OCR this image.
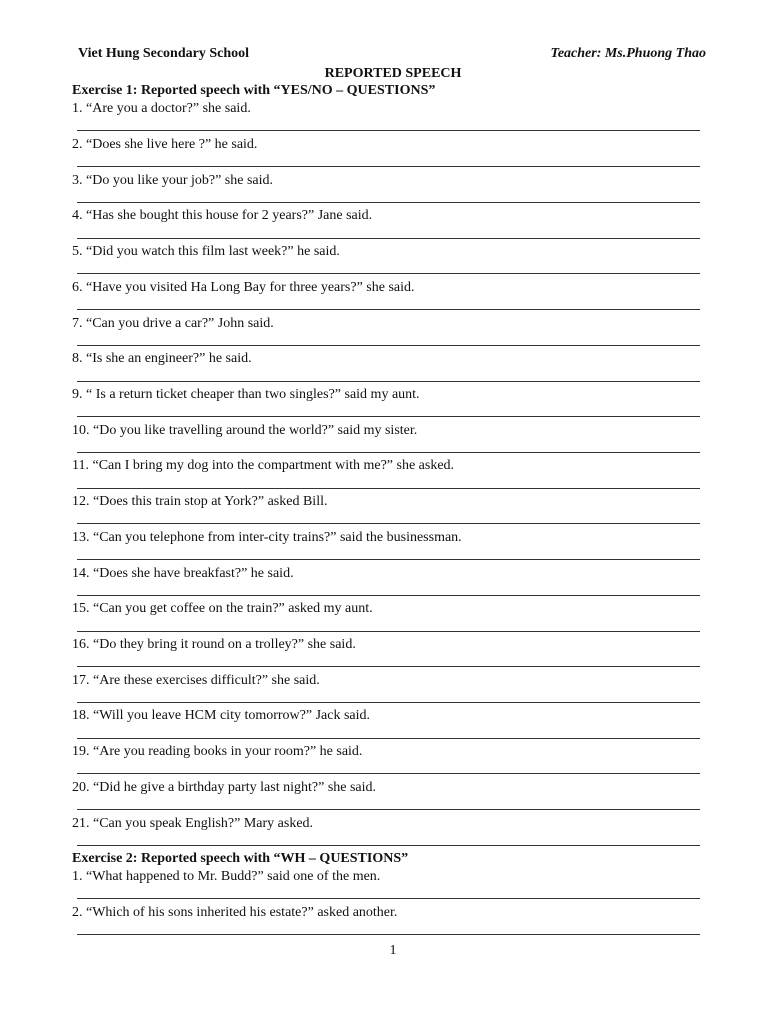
Viet Hung Secondary School	Teacher: Ms.Phuong Thao
REPORTED SPEECH
Exercise 1: Reported speech with “YES/NO – QUESTIONS”
1. “Are you a doctor?” she said.
2. “Does she live here ?” he said.
3. “Do you like your job?” she said.
4. “Has she bought this house for 2 years?” Jane said.
5. “Did you watch this film last week?” he said.
6. “Have you visited Ha Long Bay for three years?” she said.
7. “Can you drive a car?” John said.
8. “Is she an engineer?” he said.
9. “ Is a return ticket cheaper than two singles?” said my aunt.
10. “Do you like travelling around the world?” said my sister.
11. “Can I bring my dog into the compartment with me?” she asked.
12. “Does this train stop at York?” asked Bill.
13. “Can you telephone from inter-city trains?” said the businessman.
14. “Does she have breakfast?” he said.
15. “Can you get coffee on the train?” asked my aunt.
16. “Do they bring it round on a trolley?” she said.
17. “Are these exercises difficult?” she said.
18. “Will you leave HCM city tomorrow?” Jack said.
19. “Are you reading books in your room?” he said.
20. “Did he give a birthday party last night?” she said.
21. “Can you speak English?” Mary asked.
Exercise 2: Reported speech with “WH – QUESTIONS”
1. “What happened to Mr. Budd?” said one of the men.
2. “Which of his sons inherited his estate?” asked another.
1
